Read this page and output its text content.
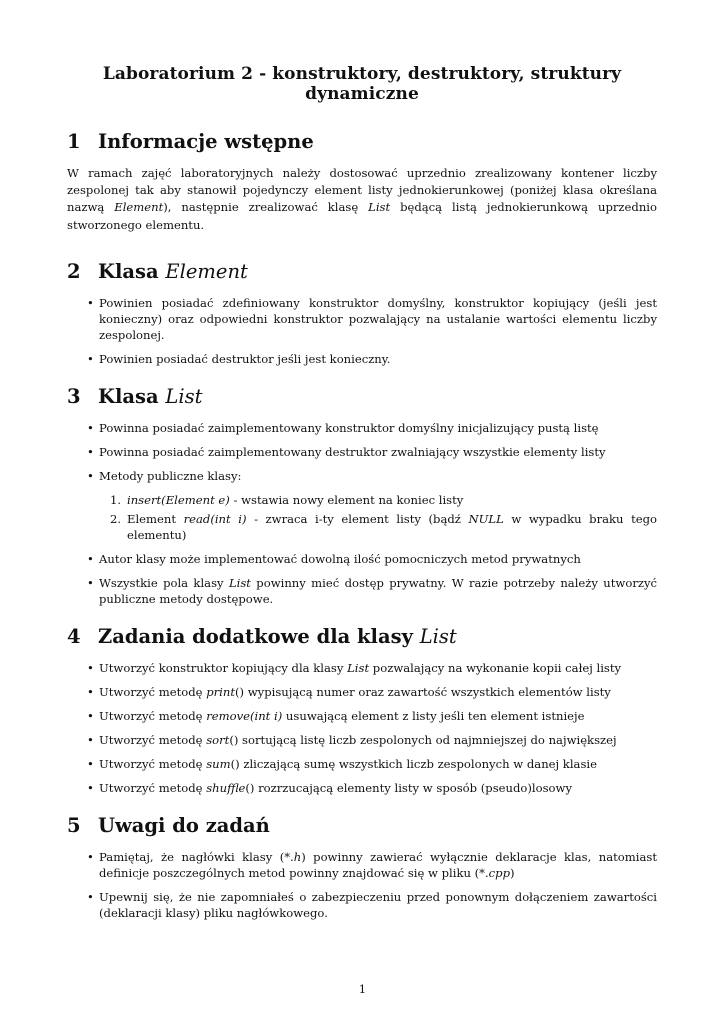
Laboratorium 2 - konstruktory, destruktory, struktury dynamiczne
1 Informacje wstępne

W ramach zajęć laboratoryjnych należy dostosować uprzednio zrealizowany kontener liczby zespolonej tak aby stanowił pojedynczy element listy jednokierunkowej (poniżej klasa określana nazwą Element), następnie zrealizować klasę List będącą listą jednokierunkową uprzednio stworzonego elementu.

2 Klasa Element
• Powinien posiadać zdefiniowany konstruktor domyślny, konstruktor kopiujący (jeśli jest konieczny) oraz odpowiedni konstruktor pozwalający na ustalanie wartości elementu liczby zespolonej.
• Powinien posiadać destruktor jeśli jest konieczny.
3 Klasa List
• Powinna posiadać zaimplementowany konstruktor domyślny inicjalizujący pustą listę
• Powinna posiadać zaimplementowany destruktor zwalniający wszystkie elementy listy
• Metody publiczne klasy:
1. insert(Element e) - wstawia nowy element na koniec listy
2. Element read(int i) - zwraca i-ty element listy (bądź NULL w wypadku braku tego elementu)
• Autor klasy może implementować dowolną ilość pomocniczych metod prywatnych
• Wszystkie pola klasy List powinny mieć dostęp prywatny. W razie potrzeby należy utworzyć publiczne metody dostępowe.
4 Zadania dodatkowe dla klasy List
• Utworzyć konstruktor kopiujący dla klasy List pozwalający na wykonanie kopii całej listy
• Utworzyć metodę print() wypisującą numer oraz zawartość wszystkich elementów listy
• Utworzyć metodę remove(int i) usuwającą element z listy jeśli ten element istnieje
• Utworzyć metodę sort() sortującą listę liczb zespolonych od najmniejszej do największej
• Utworzyć metodę sum() zliczającą sumę wszystkich liczb zespolonych w danej klasie
• Utworzyć metodę shuffle() rozrzucającą elementy listy w sposób (pseudo)losowy
5 Uwagi do zadań
• Pamiętaj, że nagłówki klasy (*.h) powinny zawierać wyłącznie deklaracje klas, natomiast definicje poszczególnych metod powinny znajdować się w pliku (*.cpp)
• Upewnij się, że nie zapomniałeś o zabezpieczeniu przed ponownym dołączeniem zawartości (deklaracji klasy) pliku nagłówkowego.
1
